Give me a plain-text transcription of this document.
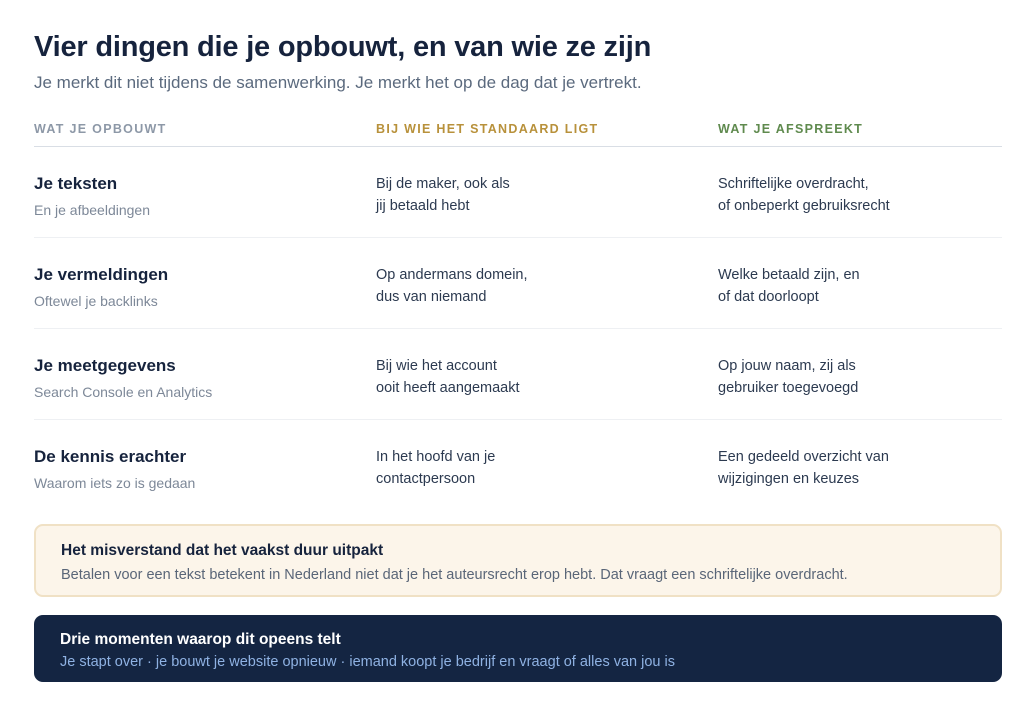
Vier dingen die je opbouwt, en van wie ze zijn
Je merkt dit niet tijdens de samenwerking. Je merkt het op de dag dat je vertrekt.
WAT JE OPBOUWT	BIJ WIE HET STANDAARD LIGT	WAT JE AFSPREEKT
Je teksten
En je afbeeldingen
Bij de maker, ook als
jij betaald hebt
Schriftelijke overdracht,
of onbeperkt gebruiksrecht
Je vermeldingen
Oftewel je backlinks
Op andermans domein,
dus van niemand
Welke betaald zijn, en
of dat doorloopt
Je meetgegevens
Search Console en Analytics
Bij wie het account
ooit heeft aangemaakt
Op jouw naam, zij als
gebruiker toegevoegd
De kennis erachter
Waarom iets zo is gedaan
In het hoofd van je
contactpersoon
Een gedeeld overzicht van
wijzigingen en keuzes
Het misverstand dat het vaakst duur uitpakt
Betalen voor een tekst betekent in Nederland niet dat je het auteursrecht erop hebt. Dat vraagt een schriftelijke overdracht.
Drie momenten waarop dit opeens telt
Je stapt over · je bouwt je website opnieuw · iemand koopt je bedrijf en vraagt of alles van jou is
